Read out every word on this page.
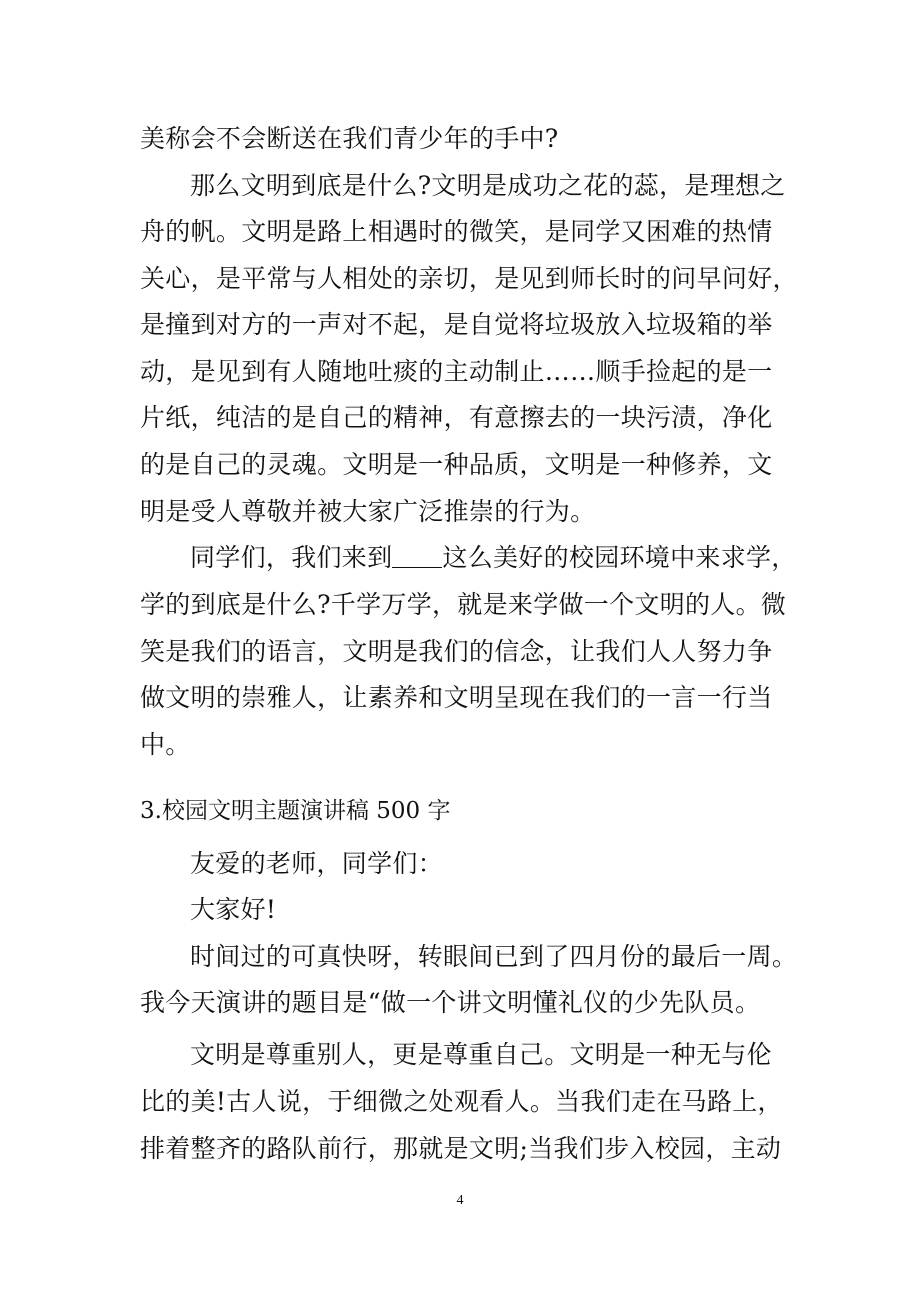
美称会不会断送在我们青少年的手中?
那么文明到底是什么?文明是成功之花的蕊，是理想之
舟的帆。文明是路上相遇时的微笑，是同学又困难的热情
关心，是平常与人相处的亲切，是见到师长时的问早问好，
是撞到对方的一声对不起，是自觉将垃圾放入垃圾箱的举
动，是见到有人随地吐痰的主动制止……顺手捡起的是一
片纸，纯洁的是自己的精神，有意擦去的一块污渍，净化
的是自己的灵魂。文明是一种品质，文明是一种修养，文
明是受人尊敬并被大家广泛推崇的行为。
同学们，我们来到 这么美好的校园环境中来求学，
学的到底是什么?千学万学，就是来学做一个文明的人。微
笑是我们的语言，文明是我们的信念，让我们人人努力争
做文明的崇雅人，让素养和文明呈现在我们的一言一行当
中。
3.校园文明主题演讲稿 500 字
友爱的老师，同学们：
大家好!
时间过的可真快呀，转眼间已到了四月份的最后一周。
我今天演讲的题目是“做一个讲文明懂礼仪的少先队员。
文明是尊重别人，更是尊重自己。文明是一种无与伦
比的美!古人说，于细微之处观看人。当我们走在马路上，
排着整齐的路队前行，那就是文明;当我们步入校园，主动
4
